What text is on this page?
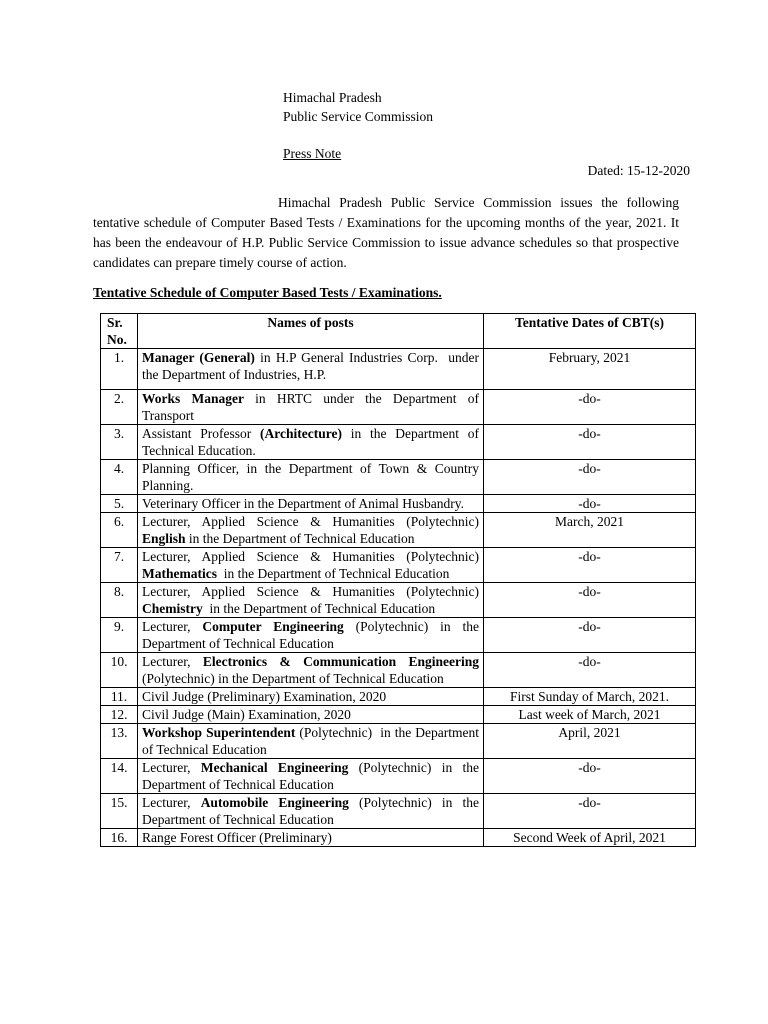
Himachal Pradesh
Public Service Commission
Press Note
Dated: 15-12-2020

Himachal Pradesh Public Service Commission issues the following tentative schedule of Computer Based Tests / Examinations for the upcoming months of the year, 2021. It has been the endeavour of H.P. Public Service Commission to issue advance schedules so that prospective candidates can prepare timely course of action.

Tentative Schedule of Computer Based Tests / Examinations.
Sr. No.	Names of posts	Tentative Dates of CBT(s)
1.	Manager (General) in H.P General Industries Corp.  under the Department of Industries, H.P.	February, 2021
2.	Works Manager in HRTC under the Department of Transport	-do-
3.	Assistant Professor (Architecture) in the Department of Technical Education.	-do-
4.	Planning Officer, in the Department of Town & Country Planning.	-do-
5.	Veterinary Officer in the Department of Animal Husbandry.	-do-
6.	Lecturer, Applied Science & Humanities (Polytechnic) English in the Department of Technical Education	March, 2021
7.	Lecturer, Applied Science & Humanities (Polytechnic) Mathematics  in the Department of Technical Education	-do-
8.	Lecturer, Applied Science & Humanities (Polytechnic) Chemistry  in the Department of Technical Education	-do-
9.	Lecturer, Computer Engineering (Polytechnic) in the Department of Technical Education	-do-
10.	Lecturer, Electronics & Communication Engineering (Polytechnic) in the Department of Technical Education	-do-
11.	Civil Judge (Preliminary) Examination, 2020	First Sunday of March, 2021.
12.	Civil Judge (Main) Examination, 2020	Last week of March, 2021
13.	Workshop Superintendent (Polytechnic)  in the Department of Technical Education	April, 2021
14.	Lecturer, Mechanical Engineering (Polytechnic) in the Department of Technical Education	-do-
15.	Lecturer, Automobile Engineering (Polytechnic) in the Department of Technical Education	-do-
16.	Range Forest Officer (Preliminary)	Second Week of April, 2021
